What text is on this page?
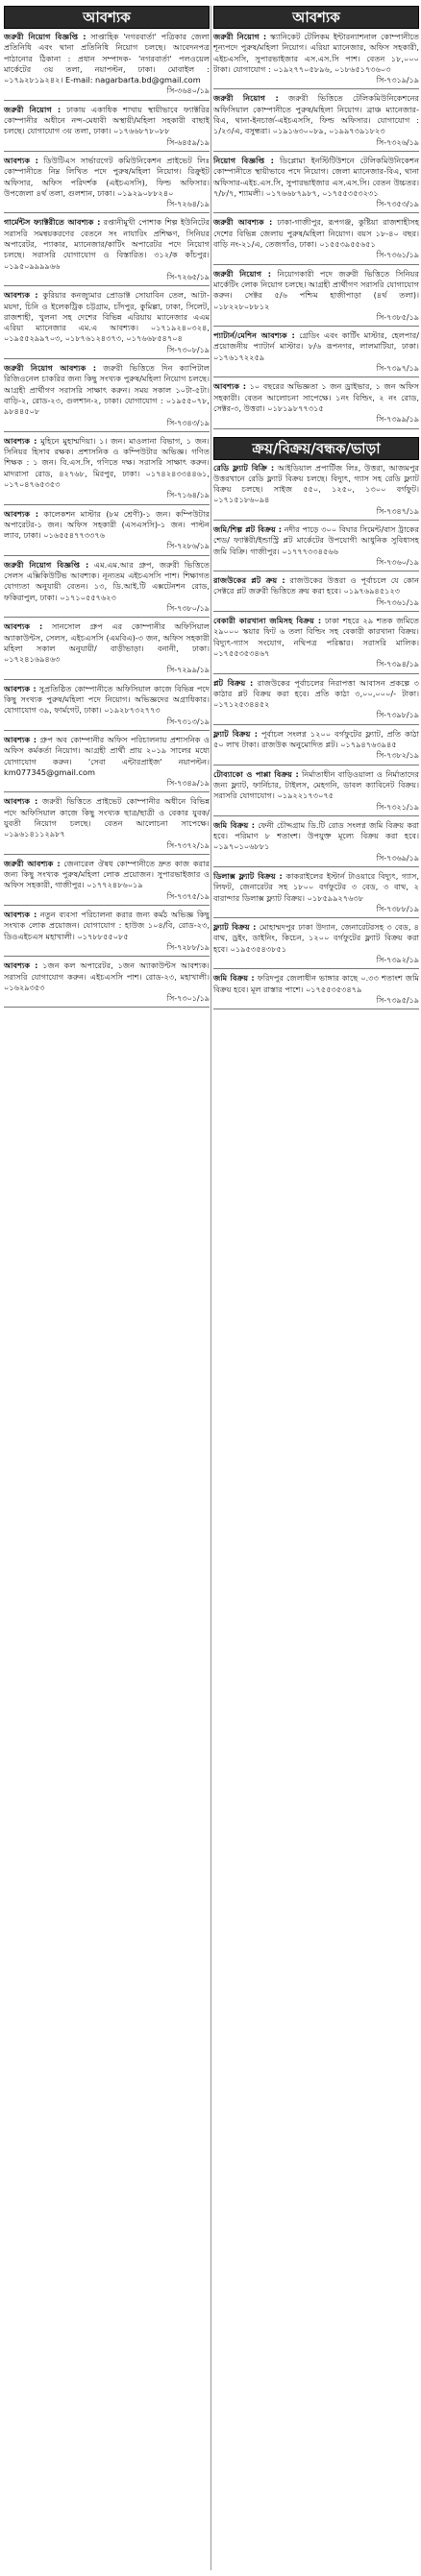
আবশ্যক
জরুরী নিয়োগ বিজ্ঞপ্তি : সাপ্তাহিক 'নগরবার্তা' পত্রিকার জেলা প্রতিনিধি এবং থানা প্রতিনিধি নিয়োগ চলছে। আবেদনপত্র পাঠানোর ঠিকানা : প্রধান সম্পাদক- 'নগরবার্তা' পলওয়েল মার্কেটের ৩য় তলা, নয়াপল্টন, ঢাকা। মোবাইল : ০১৭৯২৮১৯২৪২। E-mail: nagarbarta.bd@gmail.com
সি-৩৬৪০/১৯
জরুরী নিয়োগ : ঢাকায় একাধিক শাখায় স্থায়ীভাবে ফ্যাক্টরির কোম্পানীর অধীনে নন্দ-মেধাবী অস্থায়ী/মহিলা সহকারী বাছাই চলছে। যোগাযোগ ৩য় তলা, ঢাকা। ০১৭৬৬৮৭৮০৮৮
সি-৬৪৫৯/১৯
আবশ্যক : ডিউটিএস সার্ভারগেট কমিউনিকেশন প্রাইভেট লিঃ কোম্পানীতে নিম্ন লিখিত পদে পুরুষ/মহিলা নিয়োগ। রিক্রুইট অফিসার, অফিস পরিদর্শক (এইচএসসি), ফিল্ড অফিসার। উপজেলা ৪র্থ তলা, গুলশান, ঢাকা। ০১৯২৯০৮৮২৪০
সি-৭২৬৪/১৯
গার্মেন্টস ফ্যাক্টরীতে আবশ্যক : রপ্তানীমুখী পোশাক শিল্প ইউনিটের সরাসরি সমন্বয়করণের বেতনে সং নাযারিং প্রশিক্ষণ, সিনিয়র অপারেটর, প্যাকার, ম্যানেজার/কাটিং অপারেটর পদে নিয়োগ চলছে। সরাসরি যোগাযোগ ও বিস্তারিত। ৩১২/ক কাঁচপুর। ০১৯৫০৯৯৯৯৬৬
সি-৭২৬৫/১৯
আবশ্যক : কুরিয়ার কনজ্যুমার প্রোডাক্ট সোয়াবিন তেল, আটা-ময়দা, চিনি ও ইলেকট্রিক চট্টগ্রাম, চাঁদপুর, কুমিল্লা, ঢাকা, সিলেট, রাজশাহী, খুলনা সহ দেশের বিভিন্ন এরিয়ায় ম্যানেজার এএম এরিয়া ম্যানেজার এম.এ আবশ্যক। ০১৭১৯২৪০৩২৪, ০১৯৫৫২৯৯৭০৩, ০১৮৭৬১২৪৩৭৩, ০১৭৬৬৮৫৪৭০৪
সি-৭৩০৮/১৯
জরুরী নিয়োগ আবশ্যক : জরুরী ভিত্তিতে দিন ক্যাপিটাল রিজিওনেল চাকরির জন্য কিছু সংখ্যক পুরুষ/মহিলা নিয়োগ চলছে। আগ্রহী প্রার্থীগণ সরাসরি সাক্ষাৎ করুন। সময় সকাল ১০টা-৫টা। বাড়ি-২, রোড-২৩, গুলশান-২, ঢাকা। যোগাযোগ : ০১৯৫৫০৭৮, ৯৮৪৪৫০৮
সি-৭৩৪৩/১৯
আবশ্যক : মুহিনে মুহাম্মদিয়া। ১। জন। মাওলানা বিভাগ, ১ জন। সিনিয়র হিসাব রক্ষক। প্রশাসনিক ও কম্পিউটার অভিজ্ঞ। গণিত শিক্ষক : ১ জন। বি.এস.সি, গণিতে দক্ষ। সরাসরি সাক্ষাৎ করুন। মাদরাসা রোড, ৪২৭৬৮, মিরপুর, ঢাকা। ০১৭৪২৪৩৩৪৪৬১, ০১৭০৪৭৬৫৩৫৩
সি-৭১৬৪/১৯
আবশ্যক : কালেকশন মাস্টার (৮ম শ্রেণী)-১ জন। কম্পিউটার অপারেটর-১ জন। অফিস সহকারী (এসএসসি)-১ জন। পাল্টন ল্যাব, ঢাকা। ০১৬৫৫৪৭৭৩৩৭৬
সি-৭২৮৬/১৯
জরুরী নিয়োগ বিজ্ঞপ্তি : এম.এম.আর গ্রুপ, জরুরী ভিত্তিতে সেলস এক্সিকিউটিভ আবশ্যক। নূন্যতম এইচএসসি পাশ। শিক্ষাগত যোগ্যতা অনুযায়ী বেতন। ১৩, ডি.আই.টি এক্সটেনশন রোড, ফকিরাপুল, ঢাকা। ০১৭১০৫৫৭৬২৩
সি-৭৩৮০/১৯
আবশ্যক : সানসোল গ্রুপ এর কোম্পানীর অফিসিয়াল অ্যাকাউন্টস, সেলস, এইচএসসি (এমবিএ)-৩ জন, অফিস সহকারী মহিলা সকাল অনুযায়ী/ বাড়ীভাড়া। বনানী, ঢাকা। ০১৭২৪১৬৯৪৬৩
সি-৭২৯৯/১৯
আবশ্যক : সুপ্রতিষ্ঠিত কোম্পানীতে অফিসিয়াল কাজে বিভিন্ন পদে কিছু সংখ্যক পুরুষ/মহিলা পদে নিয়োগ। অভিজ্ঞদের অগ্রাধিকার। যোগাযোগ ৩৯, ফার্মগেট, ঢাকা। ০১৯২৮৭৩২৭৭৩
সি-৭৩১৩/১৯
আবশ্যক : গ্রুপ অব কোম্পানীর অফিস পরিচালনায় প্রশাসনিক ও অফিস কর্মকর্তা নিয়োগ। আগ্রহী প্রার্থী প্রায় ২০১৯ সালের মধ্যে যোগাযোগ করুন। 'সেবা এন্টারপ্রাইজ' নয়াপল্টন। km077345@gmail.com
সি-৭৩৪৯/১৯
আবশ্যক : জরুরী ভিত্তিতে প্রাইভেট কোম্পানীর অধীনে বিভিন্ন পদে অফিসিয়াল কাজে কিছু সংখ্যক ছাত্র/ছাত্রী ও বেকার যুবক/যুবতী নিয়োগ চলছে। বেতন আলোচনা সাপেক্ষে। ০১৯৬১৪১১২৯৮৭
সি-৭৩৭২/১৯
জরুরী আবশ্যক : জেনারেল ঔষধ কোম্পানীতে দ্রুত কাজ করার জন্য কিছু সংখ্যক পুরুষ/মহিলা লোক প্রয়োজন। সুপারভাইজার ও অফিস সহকারী, গাজীপুর। ০১৭৭২৪৮৬০১৯
সি-৭৩৭৫/১৯
আবশ্যক : নতুন ব্যবসা পরিচালনা করার জন্য কর্মঠ অভিজ্ঞ কিছু সংখ্যক লোক প্রয়োজন। যোগাযোগ : হাউজ ১০৪/বি, রোড-২৩, ডিওএইচএস মহাখালী। ০১৭৮৮৫৫০৮৫
সি-৭২৮৮/১৯
আবশ্যক : ১জন কল অপারেটর, ১জন অ্যাকাউন্টস আবশ্যক। সরাসরি যোগাযোগ করুন। এইচএসসি পাশ। রোড-২৩, মহাখালী। ০১৬২৯৩৫৩
সি-৭৩০১/১৯
আবশ্যক
জরুরী নিয়োগ : স্ক্যানিকেট টেলিকম ইন্টারন্যাশনাল কোম্পানীতে শূন্যপদে পুরুষ/মহিলা নিয়োগ। এরিয়া ম্যানেজার, অফিস সহকারী, এইচএসসি, সুপারভাইজার এস.এস.সি পাশ। বেতন ১৮,০০০ টাকা। যোগাযোগ : ০১৯২৭৭০৫৮৯৬, ০১৮৬৫১৭৩৬০৩
সি-৭৩১৯/১৯
জরুরী নিয়োগ : জরুরী ভিত্তিতে টেলিকমিউনিকেশনের অফিসিয়াল কোম্পানীতে পুরুষ/মহিলা নিয়োগ। ব্রাঞ্চ ম্যানেজার-বিএ, থানা-ইনচার্জ-এইচএসসি, ফিল্ড অফিসার। যোগাযোগ : ১/২৩/এ, বসুন্ধরা। ০১৯১৬৩০০৮৯, ০১৯৯৭৩৯১৮২৩
সি-৭৩২৬/১৯
নিয়োগ বিজ্ঞপ্তি : ডিপ্লোমা ইনস্টিটিউশনে টেলিকমিউনিকেশন কোম্পানীতে স্থায়ীভাবে পদে নিয়োগ। জেলা ম্যানেজার-বিএ, থানা অফিসার-এইচ.এস.সি, সুপারভাইজার এস.এস.সি। বেতন উচ্চতর। ৭/৮/৭, শ্যামলী। ০১৭৬৬৮৭৯৮৭, ০১৭৫৫৩৫৩২৩১
সি-৭৩৫৩/১৯
জরুরী আবশ্যক : ঢাকা-গাজীপুর, রূপগঞ্জ, কুষ্টিয়া রাজশাহীসহ দেশের বিভিন্ন জেলায় পুরুষ/মহিলা নিয়োগ। বয়স ১৮-৪০ বছর। বাড়ি নং-২১/এ, তেজগাঁও, ঢাকা। ০১৫৫৩৯৫৫৬৫১
সি-৭৩৬১/১৯
জরুরী নিয়োগ : নিয়োগকারী পদে জরুরী ভিত্তিতে সিনিয়র মার্কেটিং লোক নিয়োগ চলছে। আগ্রহী প্রার্থীগণ সরাসরি যোগাযোগ করুন। সেক্টর ৫/৬ পশ্চিম হাজীপাড়া (৪র্থ তলা)। ০১৮২২৮০৮৮১২
সি-৭৩৮৫/১৯
প্যাটার্ন/মেশিন আবশ্যক : গ্রেডিং এবং কার্টিং মাস্টার, হেলপার/প্রয়োজনীয় প্যাটার্ন মাস্টার। ৮/৬ রূপনগর, লালমাটিয়া, ঢাকা। ০১৭৬১৭২২৫৯
সি-৭৩৯৭/১৯
আবশ্যক : ১০ বছরের অভিজ্ঞতা ১ জন ড্রাইভার, ১ জন অফিস সহকারী। বেতন আলোচনা সাপেক্ষে। ১নং বিল্ডিং, ২ নং রোড, সেক্টর-৩, উত্তরা। ০১৮১৯৮৭৭৩১৫
সি-৭৩৯৯/১৯
ক্রয়/বিক্রয়/বন্ধক/ভাড়া
রেডি ফ্ল্যাট বিক্রি : আইডিয়াল প্রপার্টিজ লিঃ, উত্তরা, আজমপুর উত্তরখানে রেডি ফ্ল্যাট বিক্রয় চলছে। বিদ্যুৎ, গ্যাস সহ রেডি ফ্ল্যাট বিক্রয় চলছে। সাইজ ৫৫০, ১২৫০, ১৩০০ বর্গফুট। ০১৭১৫১৮৬০৯৪
সি-৭৩৪৭/১৯
জমি/শিল্প প্লট বিক্রয় : নদীর পাড়ে ৩০০ বিঘার সিমেন্ট/বাস ট্রাকের শেড/ ফ্যাক্টরী/ইন্ডাস্ট্রি প্লট মার্কেটের উপযোগী আধুনিক সুবিধাসহ জমি বিক্রি। গাজীপুর। ০১৭৭৭৩৩৪৫৬৬
সি-৭৩৬০/১৯
রাজউকের প্লট ক্রয় : রাজউকের উত্তরা ও পূর্বাচলে যে কোন সেক্টরে প্লট জরুরী ভিত্তিতে ক্রয় করা হবে। ০১৯৭৬৯৪৫১২৩
সি-৭৩৬১/১৯
বেকারী কারখানা জমিসহ বিক্রয় : ঢাকা শহরে ২৯ শতক জমিতে ২৯০০০ স্কয়ার ফিট ৬ তলা বিল্ডিং সহ বেকারী কারখানা বিক্রয়। বিদ্যুৎ-গ্যাস সংযোগ, নথিপত্র পরিষ্কার। সরাসরি মালিক। ০১৭৫৫৩৫৩৪৬৭
সি-৭৩৯৪/১৯
প্লট বিক্রয় : রাজউকের পূর্বাচলের নিরাপত্তা আবাসন প্রকল্পে ৩ কাঠার প্লট বিক্রয় করা হবে। প্রতি কাঠা ৩,০০,০০০/- টাকা। ০১৭১২৫৩৪৪৫২
সি-৭৩৯৮/১৯
ফ্ল্যাট বিক্রয় : পূর্বাচল সংলগ্ন ১২০০ বর্গফুটের ফ্ল্যাট, প্রতি কাঠা ৫০ লাখ টাকা। রাজউক অনুমোদিত প্লট। ০১৭৯৪৭৬৩৯৪৫
সি-৭৩৮২/১৯
টোব্যাকো ও পাপ্পা বিক্রয় : নির্মাতাধীন বাড়িওয়ালা ও নির্মাতাদের জন্য ফ্ল্যাট, ফার্নিচার, টাইলস, মেহগনি, ডাবল ক্যাবিনেট বিক্রয়। সরাসরি যোগাযোগ। ০১৯২২১৭৩০৭৫
সি-৭৩২১/১৯
জমি বিক্রয় : ফেনী চৌদ্দগ্রাম ডি.টি রোড সংলগ্ন জমি বিক্রয় করা হবে। পরিমাণ ৮ শতাংশ। উপযুক্ত মূল্যে বিক্রয় করা হবে। ০১৯৭০১০৬৮৮১
সি-৭৩৬৯/১৯
ডিলাক্স ফ্ল্যাট বিক্রয় : কাকরাইলের ইস্টার্ন টাওয়ারে বিদ্যুৎ, গ্যাস, লিফট, জেনারেটর সহ ১৮০০ বর্গফুটের ৩ বেড, ৩ বাথ, ২ বারান্দার ডিলাক্স ফ্ল্যাট বিক্রয়। ০১৮৫৯৯২৭৬৩৮
সি-৭৩৮৮/১৯
ফ্ল্যাট বিক্রয় : মোহাম্মদপুর ঢাকা উদ্যান, জেনারেটরসহ ৩ বেড, ৪ বাথ, ড্রইং, ডাইনিং, কিচেন, ১২০০ বর্গফুটের ফ্ল্যাট বিক্রয় করা হবে। ০১৯৫৩৫৪৩৮৫১
সি-৭৩৯২/১৯
জমি বিক্রয় : ফরিদপুর জেলাধীন ভাঙ্গার কাছে ০.৩৩ শতাংশ জমি বিক্রয় হবে। মূল রাস্তার পাশে। ০১৭৫৫৩৫৩৪৭৯
সি-৭৩৯৫/১৯
